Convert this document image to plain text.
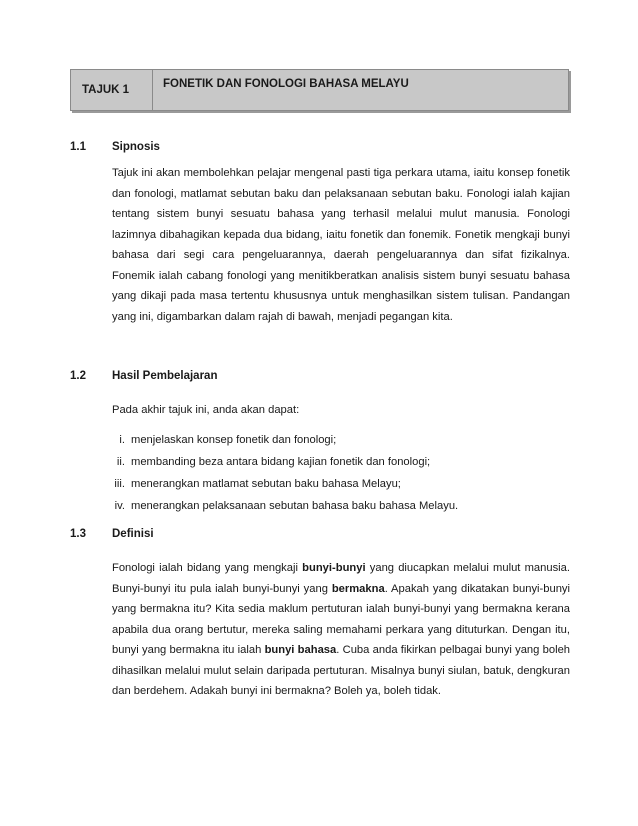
TAJUK 1	FONETIK DAN FONOLOGI BAHASA MELAYU
1.1	Sipnosis

Tajuk ini akan membolehkan pelajar mengenal pasti tiga perkara utama, iaitu konsep fonetik dan fonologi, matlamat sebutan baku dan pelaksanaan sebutan baku. Fonologi ialah kajian tentang sistem bunyi sesuatu bahasa yang terhasil melalui mulut manusia. Fonologi lazimnya dibahagikan kepada dua bidang, iaitu fonetik dan fonemik. Fonetik mengkaji bunyi bahasa dari segi cara pengeluarannya, daerah pengeluarannya dan sifat fizikalnya. Fonemik ialah cabang fonologi yang menitikberatkan analisis sistem bunyi sesuatu bahasa yang dikaji pada masa tertentu khususnya untuk menghasilkan sistem tulisan. Pandangan yang ini, digambarkan dalam rajah di bawah, menjadi pegangan kita.

1.2	Hasil Pembelajaran

Pada akhir tajuk ini, anda akan dapat:

i. menjelaskan konsep fonetik dan fonologi;
ii. membanding beza antara bidang kajian fonetik dan fonologi;
iii. menerangkan matlamat sebutan baku bahasa Melayu;
iv. menerangkan pelaksanaan sebutan bahasa baku bahasa Melayu.
1.3	Definisi

Fonologi ialah bidang yang mengkaji bunyi-bunyi yang diucapkan melalui mulut manusia. Bunyi-bunyi itu pula ialah bunyi-bunyi yang bermakna. Apakah yang dikatakan bunyi-bunyi yang bermakna itu? Kita sedia maklum pertuturan ialah bunyi-bunyi yang bermakna kerana apabila dua orang bertutur, mereka saling memahami perkara yang dituturkan. Dengan itu, bunyi yang bermakna itu ialah bunyi bahasa. Cuba anda fikirkan pelbagai bunyi yang boleh dihasilkan melalui mulut selain daripada pertuturan. Misalnya bunyi siulan, batuk, dengkuran dan berdehem. Adakah bunyi ini bermakna? Boleh ya, boleh tidak.
